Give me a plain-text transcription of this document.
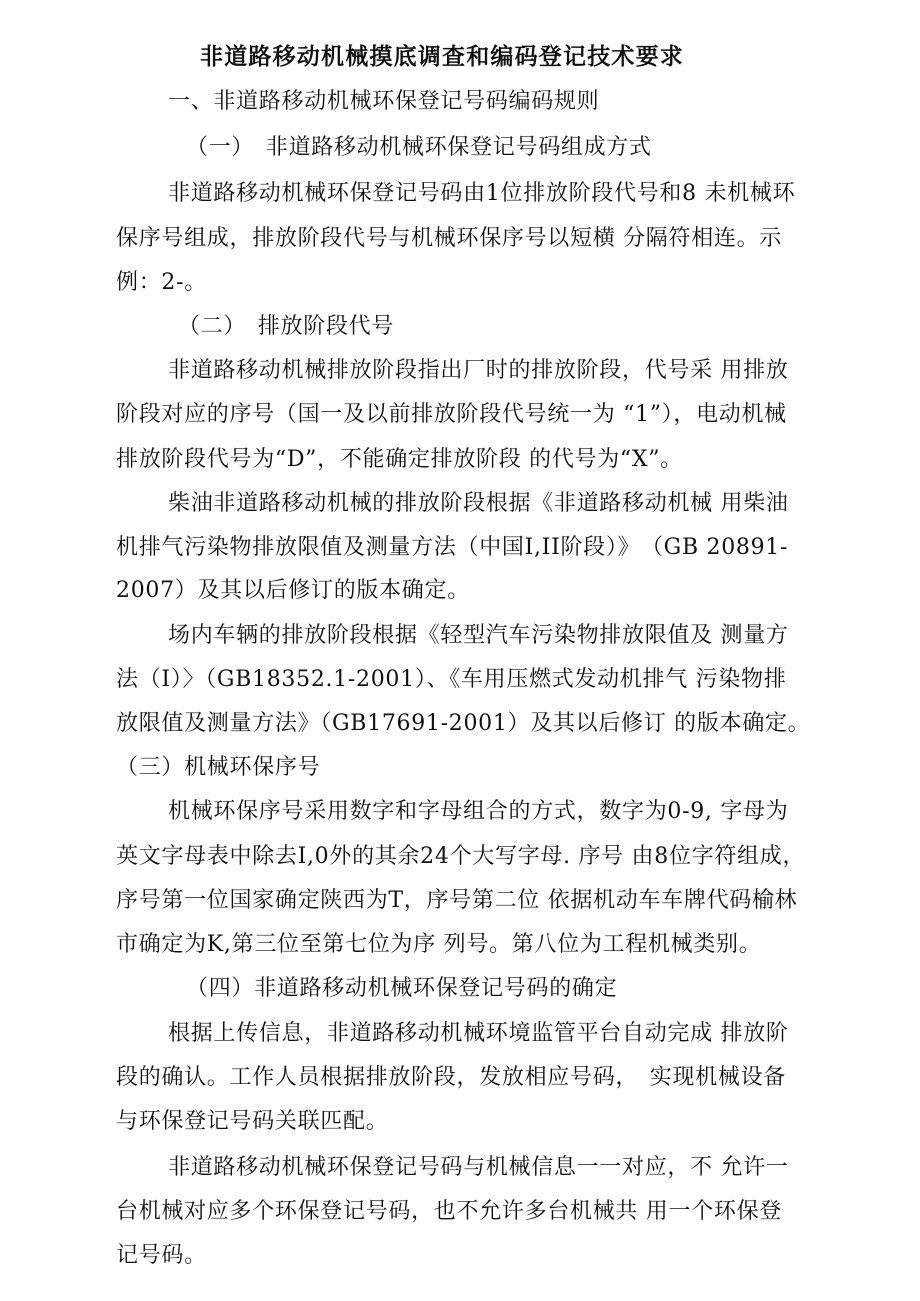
非道路移动机械摸底调查和编码登记技术要求
一、非道路移动机械环保登记号码编码规则
（一）　非道路移动机械环保登记号码组成方式
非道路移动机械环保登记号码由1位排放阶段代号和8 未机械环
保序号组成，排放阶段代号与机械环保序号以短横 分隔符相连。示
例：2-。
（二）　排放阶段代号
非道路移动机械排放阶段指出厂时的排放阶段，代号采 用排放
阶段对应的序号（国一及以前排放阶段代号统一为 “1”），电动机械
排放阶段代号为“D”，不能确定排放阶段 的代号为“X”。
柴油非道路移动机械的排放阶段根据《非道路移动机械 用柴油
机排气污染物排放限值及测量方法（中国I,II阶段）》　（GB 20891-
2007）及其以后修订的版本确定。
场内车辆的排放阶段根据《轻型汽车污染物排放限值及 测量方
法（I）〉（GB18352.1-2001）、《车用压燃式发动机排气 污染物排
放限值及测量方法》（GB17691-2001）及其以后修订 的版本确定。
（三）机械环保序号
机械环保序号采用数字和字母组合的方式，数字为0-9, 字母为
英文字母表中除去I,0外的其余24个大写字母. 序号 由8位字符组成，
序号第一位国家确定陕西为T，序号第二位 依据机动车车牌代码榆林
市确定为K,第三位至第七位为序 列号。第八位为工程机械类别。
（四）非道路移动机械环保登记号码的确定
根据上传信息，非道路移动机械环境监管平台自动完成 排放阶
段的确认。工作人员根据排放阶段，发放相应号码，　实现机械设备
与环保登记号码关联匹配。
非道路移动机械环保登记号码与机械信息一一对应，不 允许一
台机械对应多个环保登记号码，也不允许多台机械共 用一个环保登
记号码。
